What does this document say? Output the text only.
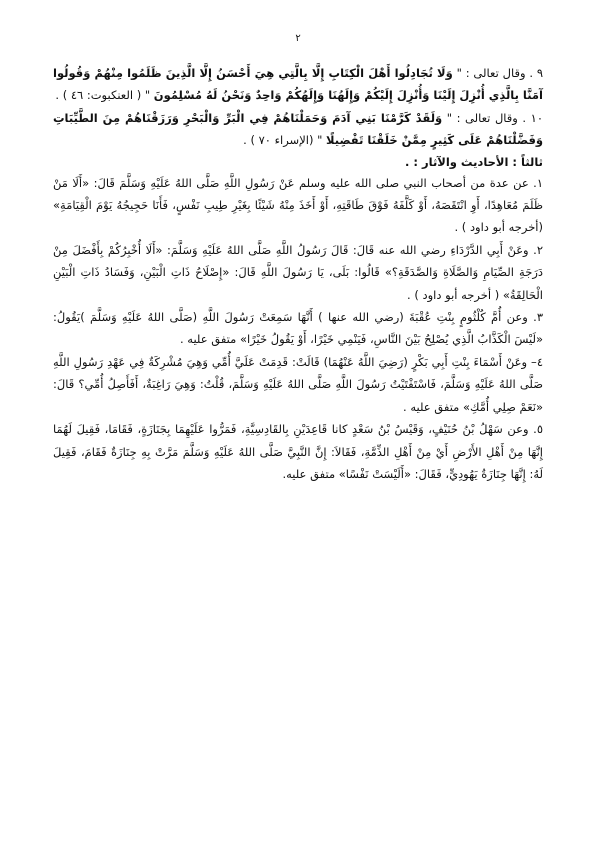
٢

٩ . وقال تعالى : " وَلَا تُجَادِلُوا أَهْلَ الْكِتَابِ إِلَّا بِالَّتِي هِيَ أَحْسَنُ إِلَّا الَّذِينَ ظَلَمُوا مِنْهُمْ وَقُولُوا آمَنَّا بِالَّذِي أُنْزِلَ إِلَيْنَا وَأُنْزِلَ إِلَيْكُمْ وَإِلَهُنَا وَإِلَهُكُمْ وَاحِدٌ وَنَحْنُ لَهُ مُسْلِمُونَ " ( العنكبوت: ٤٦ ) .

١٠ . وقال تعالى : " وَلَقَدْ كَرَّمْنَا بَنِي آدَمَ وَحَمَلْنَاهُمْ فِي الْبَرِّ وَالْبَحْرِ وَرَزَقْنَاهُمْ مِنَ الطَّيِّبَاتِ وَفَضَّلْنَاهُمْ عَلَى كَثِيرٍ مِمَّنْ خَلَقْنَا تَفْضِيلًا " (الإسراء ٧٠ ) .

ثالثاً : الأحاديث والآثار : .

١. عن عدة من أصحاب النبي صلى الله عليه وسلم عَنْ رَسُولِ اللَّهِ صَلَّى اللهُ عَلَيْهِ وَسَلَّمَ قَالَ: «أَلَا مَنْ ظَلَمَ مُعَاهِدًا، أَوِ انْتَقَصَهُ، أَوْ كَلَّفَهُ فَوْقَ طَاقَتِهِ، أَوْ أَخَذَ مِنْهُ شَيْئًا بِغَيْرِ طِيبِ نَفْسٍ، فَأَنَا حَجِيجُهُ يَوْمَ الْقِيَامَةِ» (أخرجه أبو داود ) .

٢. وعَنْ أَبِي الدَّرْدَاءِ رضي الله عنه قَالَ: قَالَ رَسُولُ اللَّهِ صَلَّى اللهُ عَلَيْهِ وَسَلَّمَ: «أَلَا أُخْبِرُكُمْ بِأَفْضَلَ مِنْ دَرَجَةِ الصِّيَامِ وَالصَّلَاةِ وَالصَّدَقَةِ؟» قَالُوا: بَلَى، يَا رَسُولَ اللَّهِ قَالَ: «إِصْلَاحُ ذَاتِ الْبَيْنِ، وَفَسَادُ ذَاتِ الْبَيْنِ الْحَالِقَةُ» ( أخرجه أبو داود ) .

٣. وعن أُمَّ كُلْثُومٍ بِنْتِ عُقْبَةَ (رضي الله عنها ) أَنَّهَا سَمِعَتْ رَسُولَ اللَّهِ (صَلَّى اللهُ عَلَيْهِ وَسَلَّمَ )يَقُولُ: «لَيْسَ الْكَذَّابُ الَّذِي يُصْلِحُ بَيْنَ النَّاسِ، فَيَنْمِي خَيْرًا، أَوْ يَقُولُ خَيْرًا» متفق عليه .

٤– وعَنْ أَسْمَاءَ بِنْتِ أَبِي بَكْرٍ (رَضِيَ اللَّهُ عَنْهُمَا) قَالَتْ: قَدِمَتْ عَلَيَّ أُمِّي وَهِيَ مُشْرِكَةٌ فِي عَهْدِ رَسُولِ اللَّهِ صَلَّى اللهُ عَلَيْهِ وَسَلَّمَ، فَاسْتَفْتَيْتُ رَسُولَ اللَّهِ صَلَّى اللهُ عَلَيْهِ وَسَلَّمَ، قُلْتُ: وَهِيَ رَاغِبَةٌ، أَفَأَصِلُ أُمِّي؟ قَالَ: «نَعَمْ صِلِي أُمَّكِ» متفق عليه .

٥. وعن سَهْلُ بْنُ حُنَيْفٍ، وَقَيْسُ بْنُ سَعْدٍ كانا قَاعِدَيْنِ بِالقَادِسِيَّةِ، فَمَرُّوا عَلَيْهِمَا بِجَنَازَةٍ، فَقَامَا، فَقِيلَ لَهُمَا إِنَّهَا مِنْ أَهْلِ الأَرْضِ أَيْ مِنْ أَهْلِ الذِّمَّةِ، فَقَالاَ: إِنَّ النَّبِيَّ صَلَّى اللهُ عَلَيْهِ وَسَلَّمَ مَرَّتْ بِهِ جِنَازَةٌ فَقَامَ، فَقِيلَ لَهُ: إِنَّهَا جِنَازَةُ يَهُودِيٍّ، فَقَالَ: «أَلَيْسَتْ نَفْسًا» متفق عليه.
